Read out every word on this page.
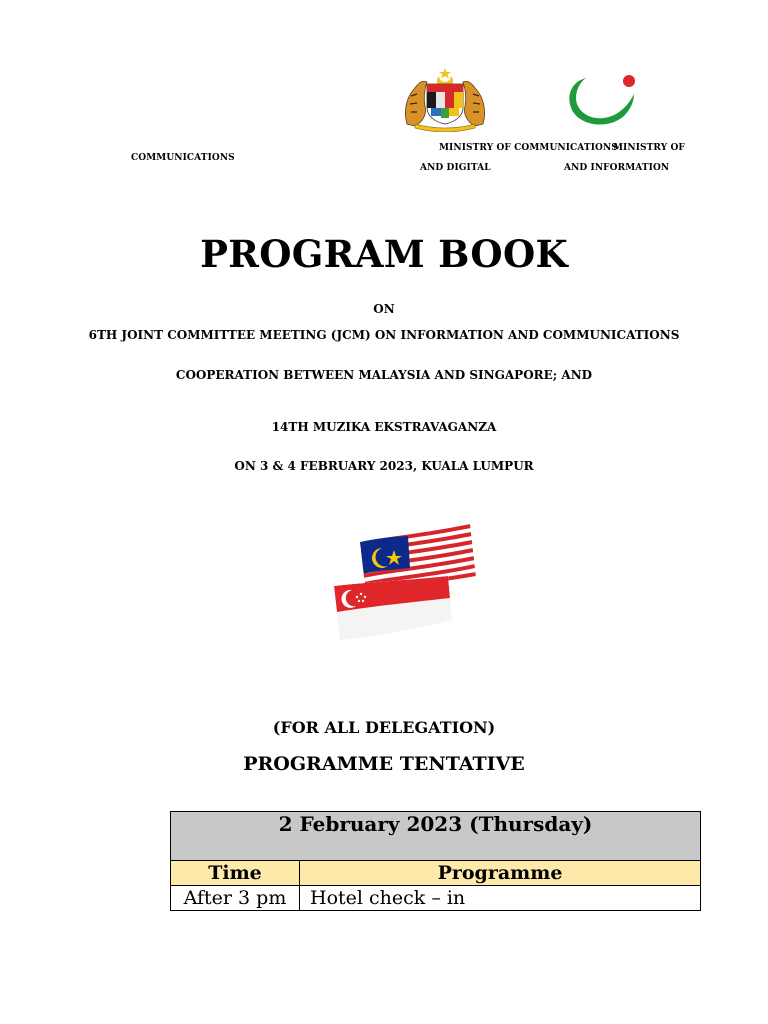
COMMUNICATIONS
MINISTRY OF COMMUNICATIONS
MINISTRY OF
AND DIGITAL	AND INFORMATION
PROGRAM BOOK
ON
6TH JOINT COMMITTEE MEETING (JCM) ON INFORMATION AND COMMUNICATIONS
COOPERATION BETWEEN MALAYSIA AND SINGAPORE; AND
14TH MUZIKA EKSTRAVAGANZA
ON 3 & 4 FEBRUARY 2023, KUALA LUMPUR
(FOR ALL DELEGATION)
PROGRAMME TENTATIVE
2 February 2023 (Thursday)	
Time	Programme
After 3 pm	Hotel check – in
